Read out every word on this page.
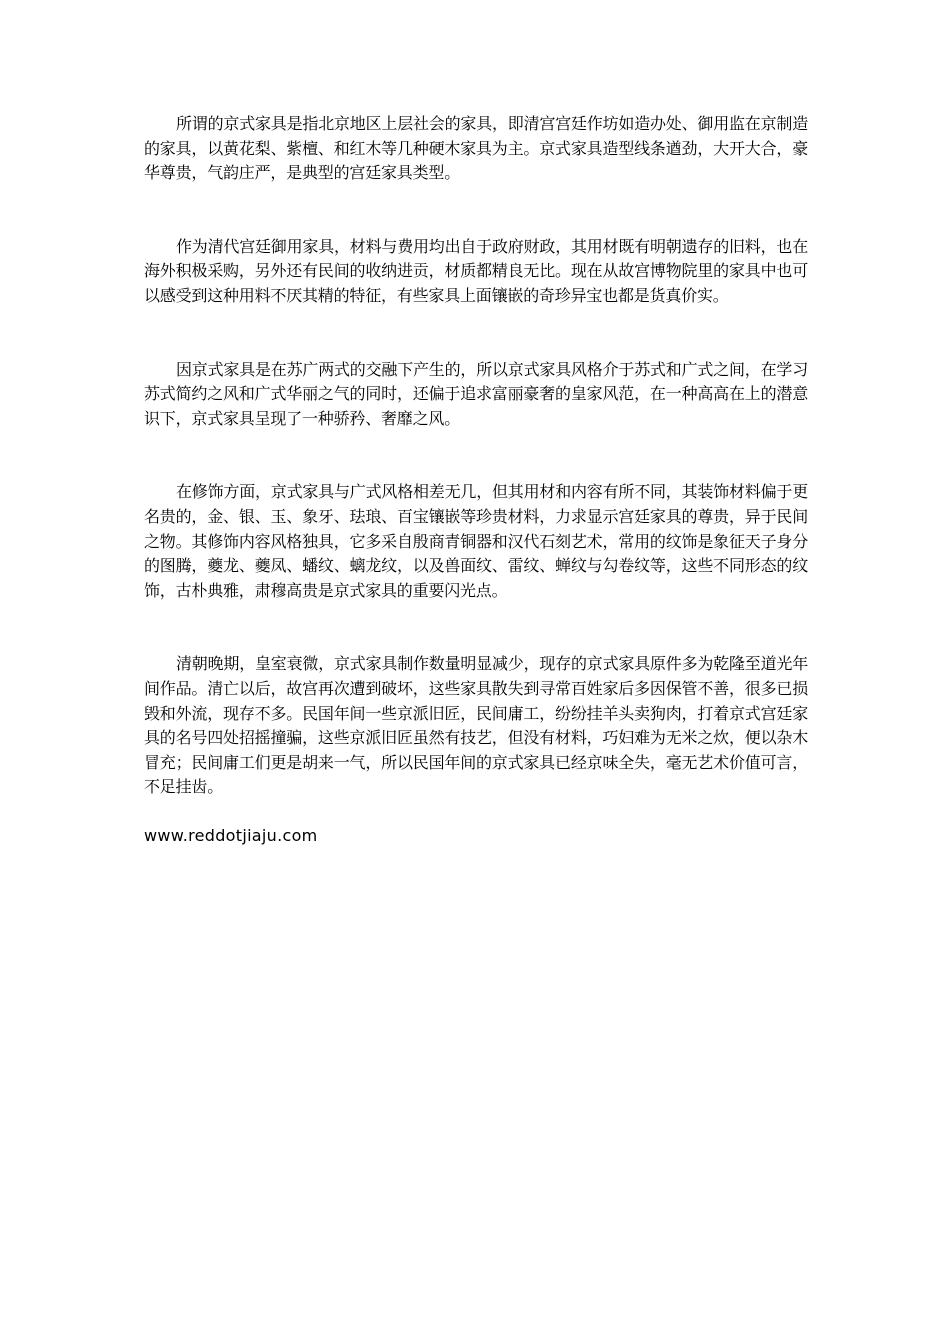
所谓的京式家具是指北京地区上层社会的家具，即清宫宫廷作坊如造办处、御用监在京制造的家具，以黄花梨、紫檀、和红木等几种硬木家具为主。京式家具造型线条遒劲，大开大合，豪华尊贵，气韵庄严，是典型的宫廷家具类型。

作为清代宫廷御用家具，材料与费用均出自于政府财政，其用材既有明朝遗存的旧料，也在海外积极采购，另外还有民间的收纳进贡，材质都精良无比。现在从故宫博物院里的家具中也可以感受到这种用料不厌其精的特征，有些家具上面镶嵌的奇珍异宝也都是货真价实。

因京式家具是在苏广两式的交融下产生的，所以京式家具风格介于苏式和广式之间，在学习苏式简约之风和广式华丽之气的同时，还偏于追求富丽豪奢的皇家风范，在一种高高在上的潜意识下，京式家具呈现了一种骄矜、奢靡之风。

在修饰方面，京式家具与广式风格相差无几，但其用材和内容有所不同，其装饰材料偏于更名贵的，金、银、玉、象牙、珐琅、百宝镶嵌等珍贵材料，力求显示宫廷家具的尊贵，异于民间之物。其修饰内容风格独具，它多采自殷商青铜器和汉代石刻艺术，常用的纹饰是象征天子身分的图腾，夔龙、夔凤、蟠纹、螭龙纹，以及兽面纹、雷纹、蝉纹与勾卷纹等，这些不同形态的纹饰，古朴典雅，肃穆高贵是京式家具的重要闪光点。

清朝晚期，皇室衰微，京式家具制作数量明显减少，现存的京式家具原件多为乾隆至道光年间作品。清亡以后，故宫再次遭到破坏，这些家具散失到寻常百姓家后多因保管不善，很多已损毁和外流，现存不多。民国年间一些京派旧匠，民间庸工，纷纷挂羊头卖狗肉，打着京式宫廷家具的名号四处招摇撞骗，这些京派旧匠虽然有技艺，但没有材料，巧妇难为无米之炊，便以杂木冒充；民间庸工们更是胡来一气，所以民国年间的京式家具已经京味全失，毫无艺术价值可言，不足挂齿。

www.reddotjiaju.com
